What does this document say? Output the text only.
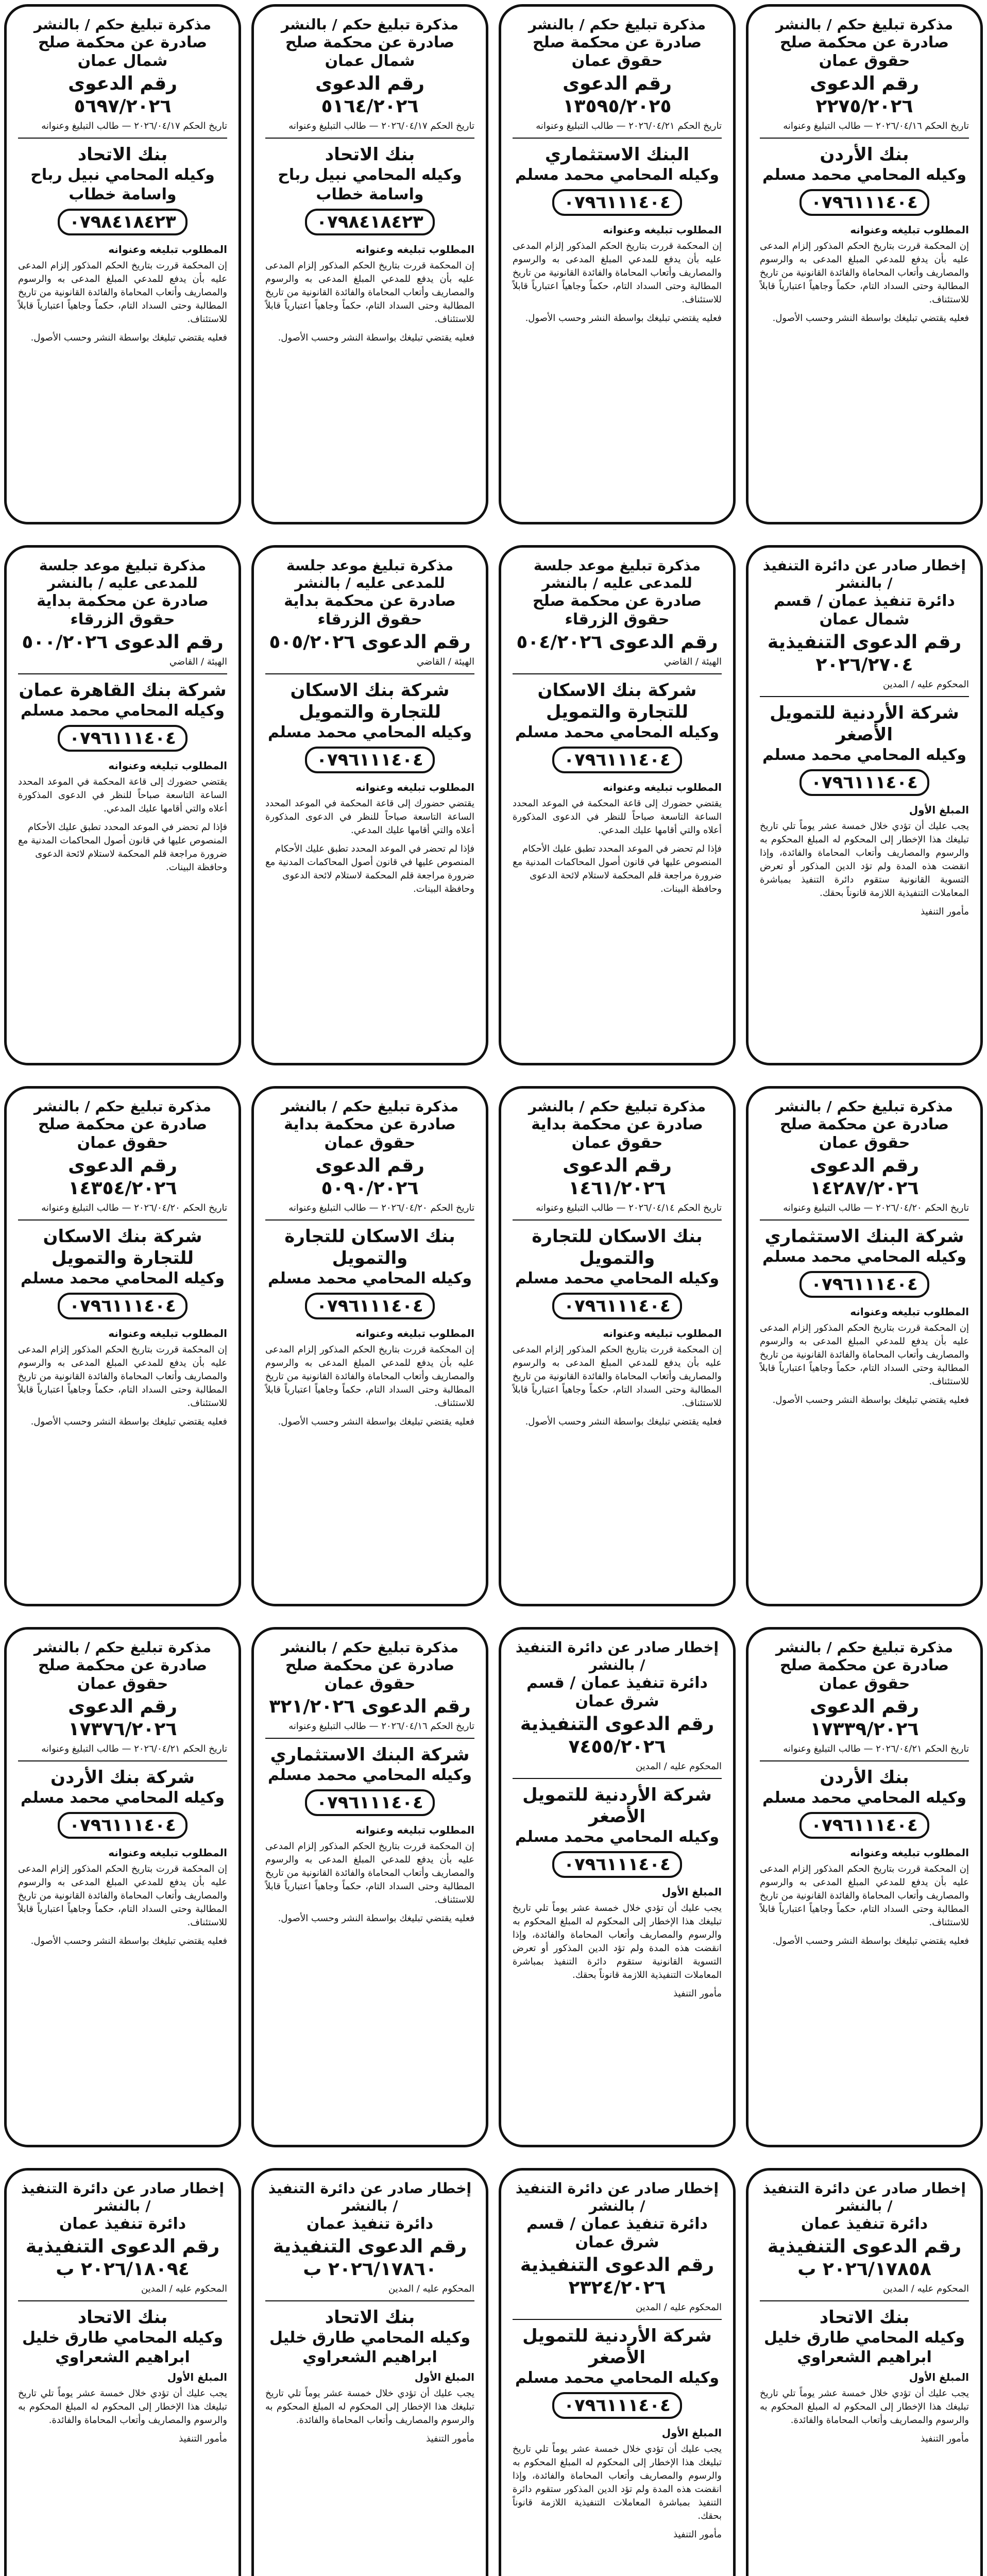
مذكرة تبليغ حكم / بالنشر
صادرة عن محكمة صلح حقوق عمان
رقم الدعوى ٢٢٧٥/٢٠٢٦
تاريخ الحكم ٢٠٢٦/٠٤/١٦ — طالب التبليغ وعنوانه
بنك الأردن
وكيله المحامي محمد مسلم
٠٧٩٦١١١٤٠٤
المطلوب تبليغه وعنوانه
إن المحكمة قررت بتاريخ الحكم المذكور إلزام المدعى عليه بأن يدفع للمدعي المبلغ المدعى به والرسوم والمصاريف وأتعاب المحاماة والفائدة القانونية من تاريخ المطالبة وحتى السداد التام، حكماً وجاهياً اعتبارياً قابلاً للاستئناف.
فعليه يقتضي تبليغك بواسطة النشر وحسب الأصول.
مذكرة تبليغ حكم / بالنشر
صادرة عن محكمة صلح حقوق عمان
رقم الدعوى ١٣٥٩٥/٢٠٢٥
تاريخ الحكم ٢٠٢٦/٠٤/٢١ — طالب التبليغ وعنوانه
البنك الاستثماري
وكيله المحامي محمد مسلم
٠٧٩٦١١١٤٠٤
المطلوب تبليغه وعنوانه
إن المحكمة قررت بتاريخ الحكم المذكور إلزام المدعى عليه بأن يدفع للمدعي المبلغ المدعى به والرسوم والمصاريف وأتعاب المحاماة والفائدة القانونية من تاريخ المطالبة وحتى السداد التام، حكماً وجاهياً اعتبارياً قابلاً للاستئناف.
فعليه يقتضي تبليغك بواسطة النشر وحسب الأصول.
مذكرة تبليغ حكم / بالنشر
صادرة عن محكمة صلح شمال عمان
رقم الدعوى ٥١٦٤/٢٠٢٦
تاريخ الحكم ٢٠٢٦/٠٤/١٧ — طالب التبليغ وعنوانه
بنك الاتحاد
وكيله المحامي نبيل رباح واسامة خطاب
٠٧٩٨٤١٨٤٢٣
المطلوب تبليغه وعنوانه
إن المحكمة قررت بتاريخ الحكم المذكور إلزام المدعى عليه بأن يدفع للمدعي المبلغ المدعى به والرسوم والمصاريف وأتعاب المحاماة والفائدة القانونية من تاريخ المطالبة وحتى السداد التام، حكماً وجاهياً اعتبارياً قابلاً للاستئناف.
فعليه يقتضي تبليغك بواسطة النشر وحسب الأصول.
مذكرة تبليغ حكم / بالنشر
صادرة عن محكمة صلح شمال عمان
رقم الدعوى ٥٦٩٧/٢٠٢٦
تاريخ الحكم ٢٠٢٦/٠٤/١٧ — طالب التبليغ وعنوانه
بنك الاتحاد
وكيله المحامي نبيل رباح واسامة خطاب
٠٧٩٨٤١٨٤٢٣
المطلوب تبليغه وعنوانه
إن المحكمة قررت بتاريخ الحكم المذكور إلزام المدعى عليه بأن يدفع للمدعي المبلغ المدعى به والرسوم والمصاريف وأتعاب المحاماة والفائدة القانونية من تاريخ المطالبة وحتى السداد التام، حكماً وجاهياً اعتبارياً قابلاً للاستئناف.
فعليه يقتضي تبليغك بواسطة النشر وحسب الأصول.
إخطار صادر عن دائرة التنفيذ / بالنشر
دائرة تنفيذ عمان / قسم شمال عمان
رقم الدعوى التنفيذية ٢٠٢٦/٢٧٠٤
المحكوم عليه / المدين
شركة الأردنية للتمويل الأصغر
وكيله المحامي محمد مسلم
٠٧٩٦١١١٤٠٤
المبلغ الأول
يجب عليك أن تؤدي خلال خمسة عشر يوماً تلي تاريخ تبليغك هذا الإخطار إلى المحكوم له المبلغ المحكوم به والرسوم والمصاريف وأتعاب المحاماة والفائدة، وإذا انقضت هذه المدة ولم تؤد الدين المذكور أو تعرض التسوية القانونية ستقوم دائرة التنفيذ بمباشرة المعاملات التنفيذية اللازمة قانوناً بحقك.
مأمور التنفيذ
مذكرة تبليغ موعد جلسة للمدعى عليه / بالنشر
صادرة عن محكمة صلح حقوق الزرقاء
رقم الدعوى ٥٠٤/٢٠٢٦
الهيئة / القاضي
شركة بنك الاسكان للتجارة والتمويل
وكيله المحامي محمد مسلم
٠٧٩٦١١١٤٠٤
المطلوب تبليغه وعنوانه
يقتضي حضورك إلى قاعة المحكمة في الموعد المحدد الساعة التاسعة صباحاً للنظر في الدعوى المذكورة أعلاه والتي أقامها عليك المدعي.
فإذا لم تحضر في الموعد المحدد تطبق عليك الأحكام المنصوص عليها في قانون أصول المحاكمات المدنية مع ضرورة مراجعة قلم المحكمة لاستلام لائحة الدعوى وحافظة البينات.
مذكرة تبليغ موعد جلسة للمدعى عليه / بالنشر
صادرة عن محكمة بداية حقوق الزرقاء
رقم الدعوى ٥٠٥/٢٠٢٦
الهيئة / القاضي
شركة بنك الاسكان للتجارة والتمويل
وكيله المحامي محمد مسلم
٠٧٩٦١١١٤٠٤
المطلوب تبليغه وعنوانه
يقتضي حضورك إلى قاعة المحكمة في الموعد المحدد الساعة التاسعة صباحاً للنظر في الدعوى المذكورة أعلاه والتي أقامها عليك المدعي.
فإذا لم تحضر في الموعد المحدد تطبق عليك الأحكام المنصوص عليها في قانون أصول المحاكمات المدنية مع ضرورة مراجعة قلم المحكمة لاستلام لائحة الدعوى وحافظة البينات.
مذكرة تبليغ موعد جلسة للمدعى عليه / بالنشر
صادرة عن محكمة بداية حقوق الزرقاء
رقم الدعوى ٥٠٠/٢٠٢٦
الهيئة / القاضي
شركة بنك القاهرة عمان
وكيله المحامي محمد مسلم
٠٧٩٦١١١٤٠٤
المطلوب تبليغه وعنوانه
يقتضي حضورك إلى قاعة المحكمة في الموعد المحدد الساعة التاسعة صباحاً للنظر في الدعوى المذكورة أعلاه والتي أقامها عليك المدعي.
فإذا لم تحضر في الموعد المحدد تطبق عليك الأحكام المنصوص عليها في قانون أصول المحاكمات المدنية مع ضرورة مراجعة قلم المحكمة لاستلام لائحة الدعوى وحافظة البينات.
مذكرة تبليغ حكم / بالنشر
صادرة عن محكمة صلح حقوق عمان
رقم الدعوى ١٤٢٨٧/٢٠٢٦
تاريخ الحكم ٢٠٢٦/٠٤/٢٠ — طالب التبليغ وعنوانه
شركة البنك الاستثماري
وكيله المحامي محمد مسلم
٠٧٩٦١١١٤٠٤
المطلوب تبليغه وعنوانه
إن المحكمة قررت بتاريخ الحكم المذكور إلزام المدعى عليه بأن يدفع للمدعي المبلغ المدعى به والرسوم والمصاريف وأتعاب المحاماة والفائدة القانونية من تاريخ المطالبة وحتى السداد التام، حكماً وجاهياً اعتبارياً قابلاً للاستئناف.
فعليه يقتضي تبليغك بواسطة النشر وحسب الأصول.
مذكرة تبليغ حكم / بالنشر
صادرة عن محكمة بداية حقوق عمان
رقم الدعوى ١٤٦١/٢٠٢٦
تاريخ الحكم ٢٠٢٦/٠٤/١٤ — طالب التبليغ وعنوانه
بنك الاسكان للتجارة والتمويل
وكيله المحامي محمد مسلم
٠٧٩٦١١١٤٠٤
المطلوب تبليغه وعنوانه
إن المحكمة قررت بتاريخ الحكم المذكور إلزام المدعى عليه بأن يدفع للمدعي المبلغ المدعى به والرسوم والمصاريف وأتعاب المحاماة والفائدة القانونية من تاريخ المطالبة وحتى السداد التام، حكماً وجاهياً اعتبارياً قابلاً للاستئناف.
فعليه يقتضي تبليغك بواسطة النشر وحسب الأصول.
مذكرة تبليغ حكم / بالنشر
صادرة عن محكمة بداية حقوق عمان
رقم الدعوى ٥٠٩٠/٢٠٢٦
تاريخ الحكم ٢٠٢٦/٠٤/٢٠ — طالب التبليغ وعنوانه
بنك الاسكان للتجارة والتمويل
وكيله المحامي محمد مسلم
٠٧٩٦١١١٤٠٤
المطلوب تبليغه وعنوانه
إن المحكمة قررت بتاريخ الحكم المذكور إلزام المدعى عليه بأن يدفع للمدعي المبلغ المدعى به والرسوم والمصاريف وأتعاب المحاماة والفائدة القانونية من تاريخ المطالبة وحتى السداد التام، حكماً وجاهياً اعتبارياً قابلاً للاستئناف.
فعليه يقتضي تبليغك بواسطة النشر وحسب الأصول.
مذكرة تبليغ حكم / بالنشر
صادرة عن محكمة صلح حقوق عمان
رقم الدعوى ١٤٣٥٤/٢٠٢٦
تاريخ الحكم ٢٠٢٦/٠٤/٢٠ — طالب التبليغ وعنوانه
شركة بنك الاسكان للتجارة والتمويل
وكيله المحامي محمد مسلم
٠٧٩٦١١١٤٠٤
المطلوب تبليغه وعنوانه
إن المحكمة قررت بتاريخ الحكم المذكور إلزام المدعى عليه بأن يدفع للمدعي المبلغ المدعى به والرسوم والمصاريف وأتعاب المحاماة والفائدة القانونية من تاريخ المطالبة وحتى السداد التام، حكماً وجاهياً اعتبارياً قابلاً للاستئناف.
فعليه يقتضي تبليغك بواسطة النشر وحسب الأصول.
مذكرة تبليغ حكم / بالنشر
صادرة عن محكمة صلح حقوق عمان
رقم الدعوى ١٧٣٣٩/٢٠٢٦
تاريخ الحكم ٢٠٢٦/٠٤/٢١ — طالب التبليغ وعنوانه
بنك الأردن
وكيله المحامي محمد مسلم
٠٧٩٦١١١٤٠٤
المطلوب تبليغه وعنوانه
إن المحكمة قررت بتاريخ الحكم المذكور إلزام المدعى عليه بأن يدفع للمدعي المبلغ المدعى به والرسوم والمصاريف وأتعاب المحاماة والفائدة القانونية من تاريخ المطالبة وحتى السداد التام، حكماً وجاهياً اعتبارياً قابلاً للاستئناف.
فعليه يقتضي تبليغك بواسطة النشر وحسب الأصول.
إخطار صادر عن دائرة التنفيذ / بالنشر
دائرة تنفيذ عمان / قسم شرق عمان
رقم الدعوى التنفيذية ٧٤٥٥/٢٠٢٦
المحكوم عليه / المدين
شركة الأردنية للتمويل الأصغر
وكيله المحامي محمد مسلم
٠٧٩٦١١١٤٠٤
المبلغ الأول
يجب عليك أن تؤدي خلال خمسة عشر يوماً تلي تاريخ تبليغك هذا الإخطار إلى المحكوم له المبلغ المحكوم به والرسوم والمصاريف وأتعاب المحاماة والفائدة، وإذا انقضت هذه المدة ولم تؤد الدين المذكور أو تعرض التسوية القانونية ستقوم دائرة التنفيذ بمباشرة المعاملات التنفيذية اللازمة قانوناً بحقك.
مأمور التنفيذ
مذكرة تبليغ حكم / بالنشر
صادرة عن محكمة صلح حقوق عمان
رقم الدعوى ٣٢١/٢٠٢٦
تاريخ الحكم ٢٠٢٦/٠٤/١٦ — طالب التبليغ وعنوانه
شركة البنك الاستثماري
وكيله المحامي محمد مسلم
٠٧٩٦١١١٤٠٤
المطلوب تبليغه وعنوانه
إن المحكمة قررت بتاريخ الحكم المذكور إلزام المدعى عليه بأن يدفع للمدعي المبلغ المدعى به والرسوم والمصاريف وأتعاب المحاماة والفائدة القانونية من تاريخ المطالبة وحتى السداد التام، حكماً وجاهياً اعتبارياً قابلاً للاستئناف.
فعليه يقتضي تبليغك بواسطة النشر وحسب الأصول.
مذكرة تبليغ حكم / بالنشر
صادرة عن محكمة صلح حقوق عمان
رقم الدعوى ١٧٣٧٦/٢٠٢٦
تاريخ الحكم ٢٠٢٦/٠٤/٢١ — طالب التبليغ وعنوانه
شركة بنك الأردن
وكيله المحامي محمد مسلم
٠٧٩٦١١١٤٠٤
المطلوب تبليغه وعنوانه
إن المحكمة قررت بتاريخ الحكم المذكور إلزام المدعى عليه بأن يدفع للمدعي المبلغ المدعى به والرسوم والمصاريف وأتعاب المحاماة والفائدة القانونية من تاريخ المطالبة وحتى السداد التام، حكماً وجاهياً اعتبارياً قابلاً للاستئناف.
فعليه يقتضي تبليغك بواسطة النشر وحسب الأصول.
إخطار صادر عن دائرة التنفيذ / بالنشر
دائرة تنفيذ عمان
رقم الدعوى التنفيذية ٢٠٢٦/١٧٨٥٨ ب
المحكوم عليه / المدين
بنك الاتحاد
وكيله المحامي طارق خليل ابراهيم الشعراوي
المبلغ الأول
يجب عليك أن تؤدي خلال خمسة عشر يوماً تلي تاريخ تبليغك هذا الإخطار إلى المحكوم له المبلغ المحكوم به والرسوم والمصاريف وأتعاب المحاماة والفائدة.
مأمور التنفيذ
إخطار صادر عن دائرة التنفيذ / بالنشر
دائرة تنفيذ عمان / قسم شرق عمان
رقم الدعوى التنفيذية ٢٣٢٤/٢٠٢٦
المحكوم عليه / المدين
شركة الأردنية للتمويل الأصغر
وكيله المحامي محمد مسلم
٠٧٩٦١١١٤٠٤
المبلغ الأول
يجب عليك أن تؤدي خلال خمسة عشر يوماً تلي تاريخ تبليغك هذا الإخطار إلى المحكوم له المبلغ المحكوم به والرسوم والمصاريف وأتعاب المحاماة والفائدة، وإذا انقضت هذه المدة ولم تؤد الدين المذكور ستقوم دائرة التنفيذ بمباشرة المعاملات التنفيذية اللازمة قانوناً بحقك.
مأمور التنفيذ
إخطار صادر عن دائرة التنفيذ / بالنشر
دائرة تنفيذ عمان
رقم الدعوى التنفيذية ٢٠٢٦/١٧٨٦٠ ب
المحكوم عليه / المدين
بنك الاتحاد
وكيله المحامي طارق خليل ابراهيم الشعراوي
المبلغ الأول
يجب عليك أن تؤدي خلال خمسة عشر يوماً تلي تاريخ تبليغك هذا الإخطار إلى المحكوم له المبلغ المحكوم به والرسوم والمصاريف وأتعاب المحاماة والفائدة.
مأمور التنفيذ
إخطار صادر عن دائرة التنفيذ / بالنشر
دائرة تنفيذ عمان
رقم الدعوى التنفيذية ٢٠٢٦/١٨٠٩٤ ب
المحكوم عليه / المدين
بنك الاتحاد
وكيله المحامي طارق خليل ابراهيم الشعراوي
المبلغ الأول
يجب عليك أن تؤدي خلال خمسة عشر يوماً تلي تاريخ تبليغك هذا الإخطار إلى المحكوم له المبلغ المحكوم به والرسوم والمصاريف وأتعاب المحاماة والفائدة.
مأمور التنفيذ
